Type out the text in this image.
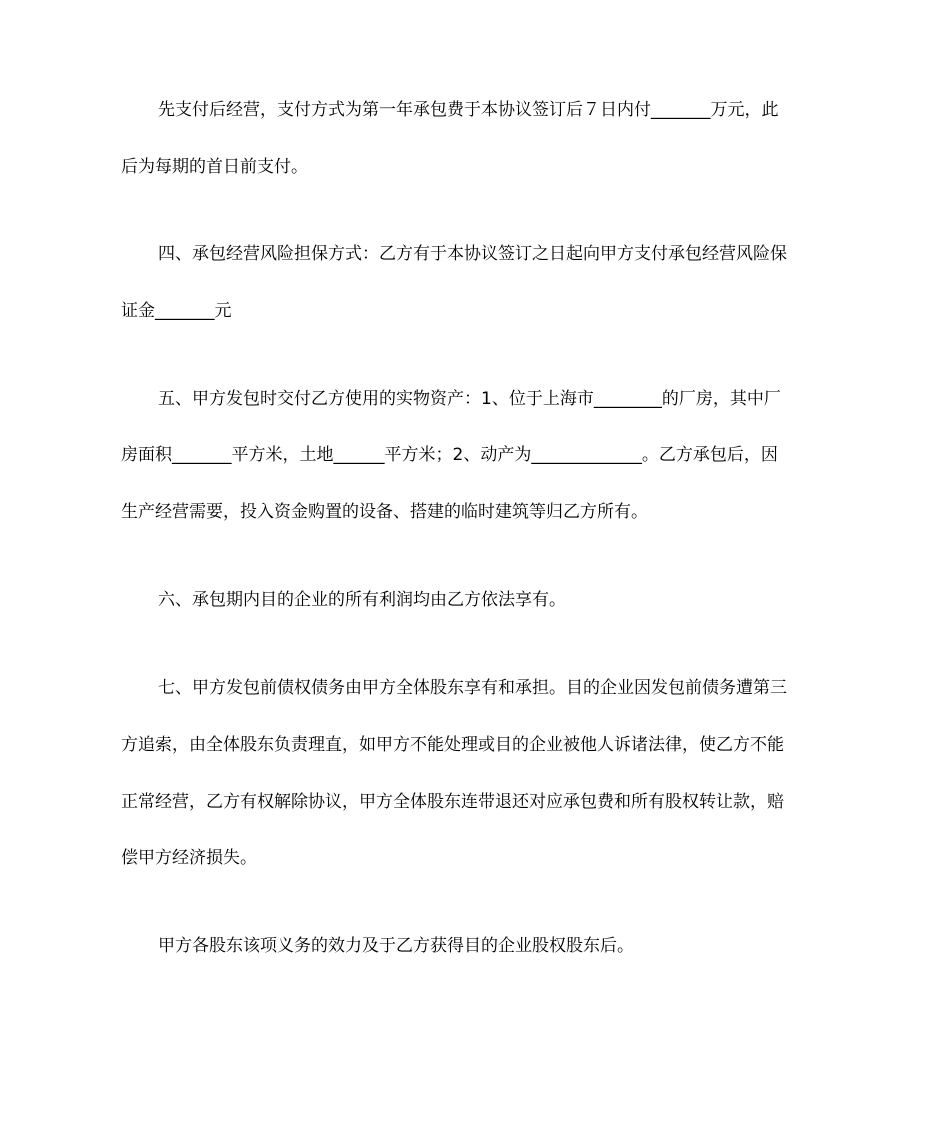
先支付后经营，支付方式为第一年承包费于本协议签订后７日内付_______万元，此
后为每期的首日前支付。
四、承包经营风险担保方式：乙方有于本协议签订之日起向甲方支付承包经营风险保
证金_______元
五、甲方发包时交付乙方使用的实物资产：1、位于上海市________的厂房，其中厂
房面积_______平方米，土地______平方米；2、动产为_____________。乙方承包后，因
生产经营需要，投入资金购置的设备、搭建的临时建筑等归乙方所有。
六、承包期内目的企业的所有利润均由乙方依法享有。
七、甲方发包前债权债务由甲方全体股东享有和承担。目的企业因发包前债务遭第三
方追索，由全体股东负责理直，如甲方不能处理或目的企业被他人诉诸法律，使乙方不能
正常经营，乙方有权解除协议，甲方全体股东连带退还对应承包费和所有股权转让款，赔
偿甲方经济损失。
甲方各股东该项义务的效力及于乙方获得目的企业股权股东后。
